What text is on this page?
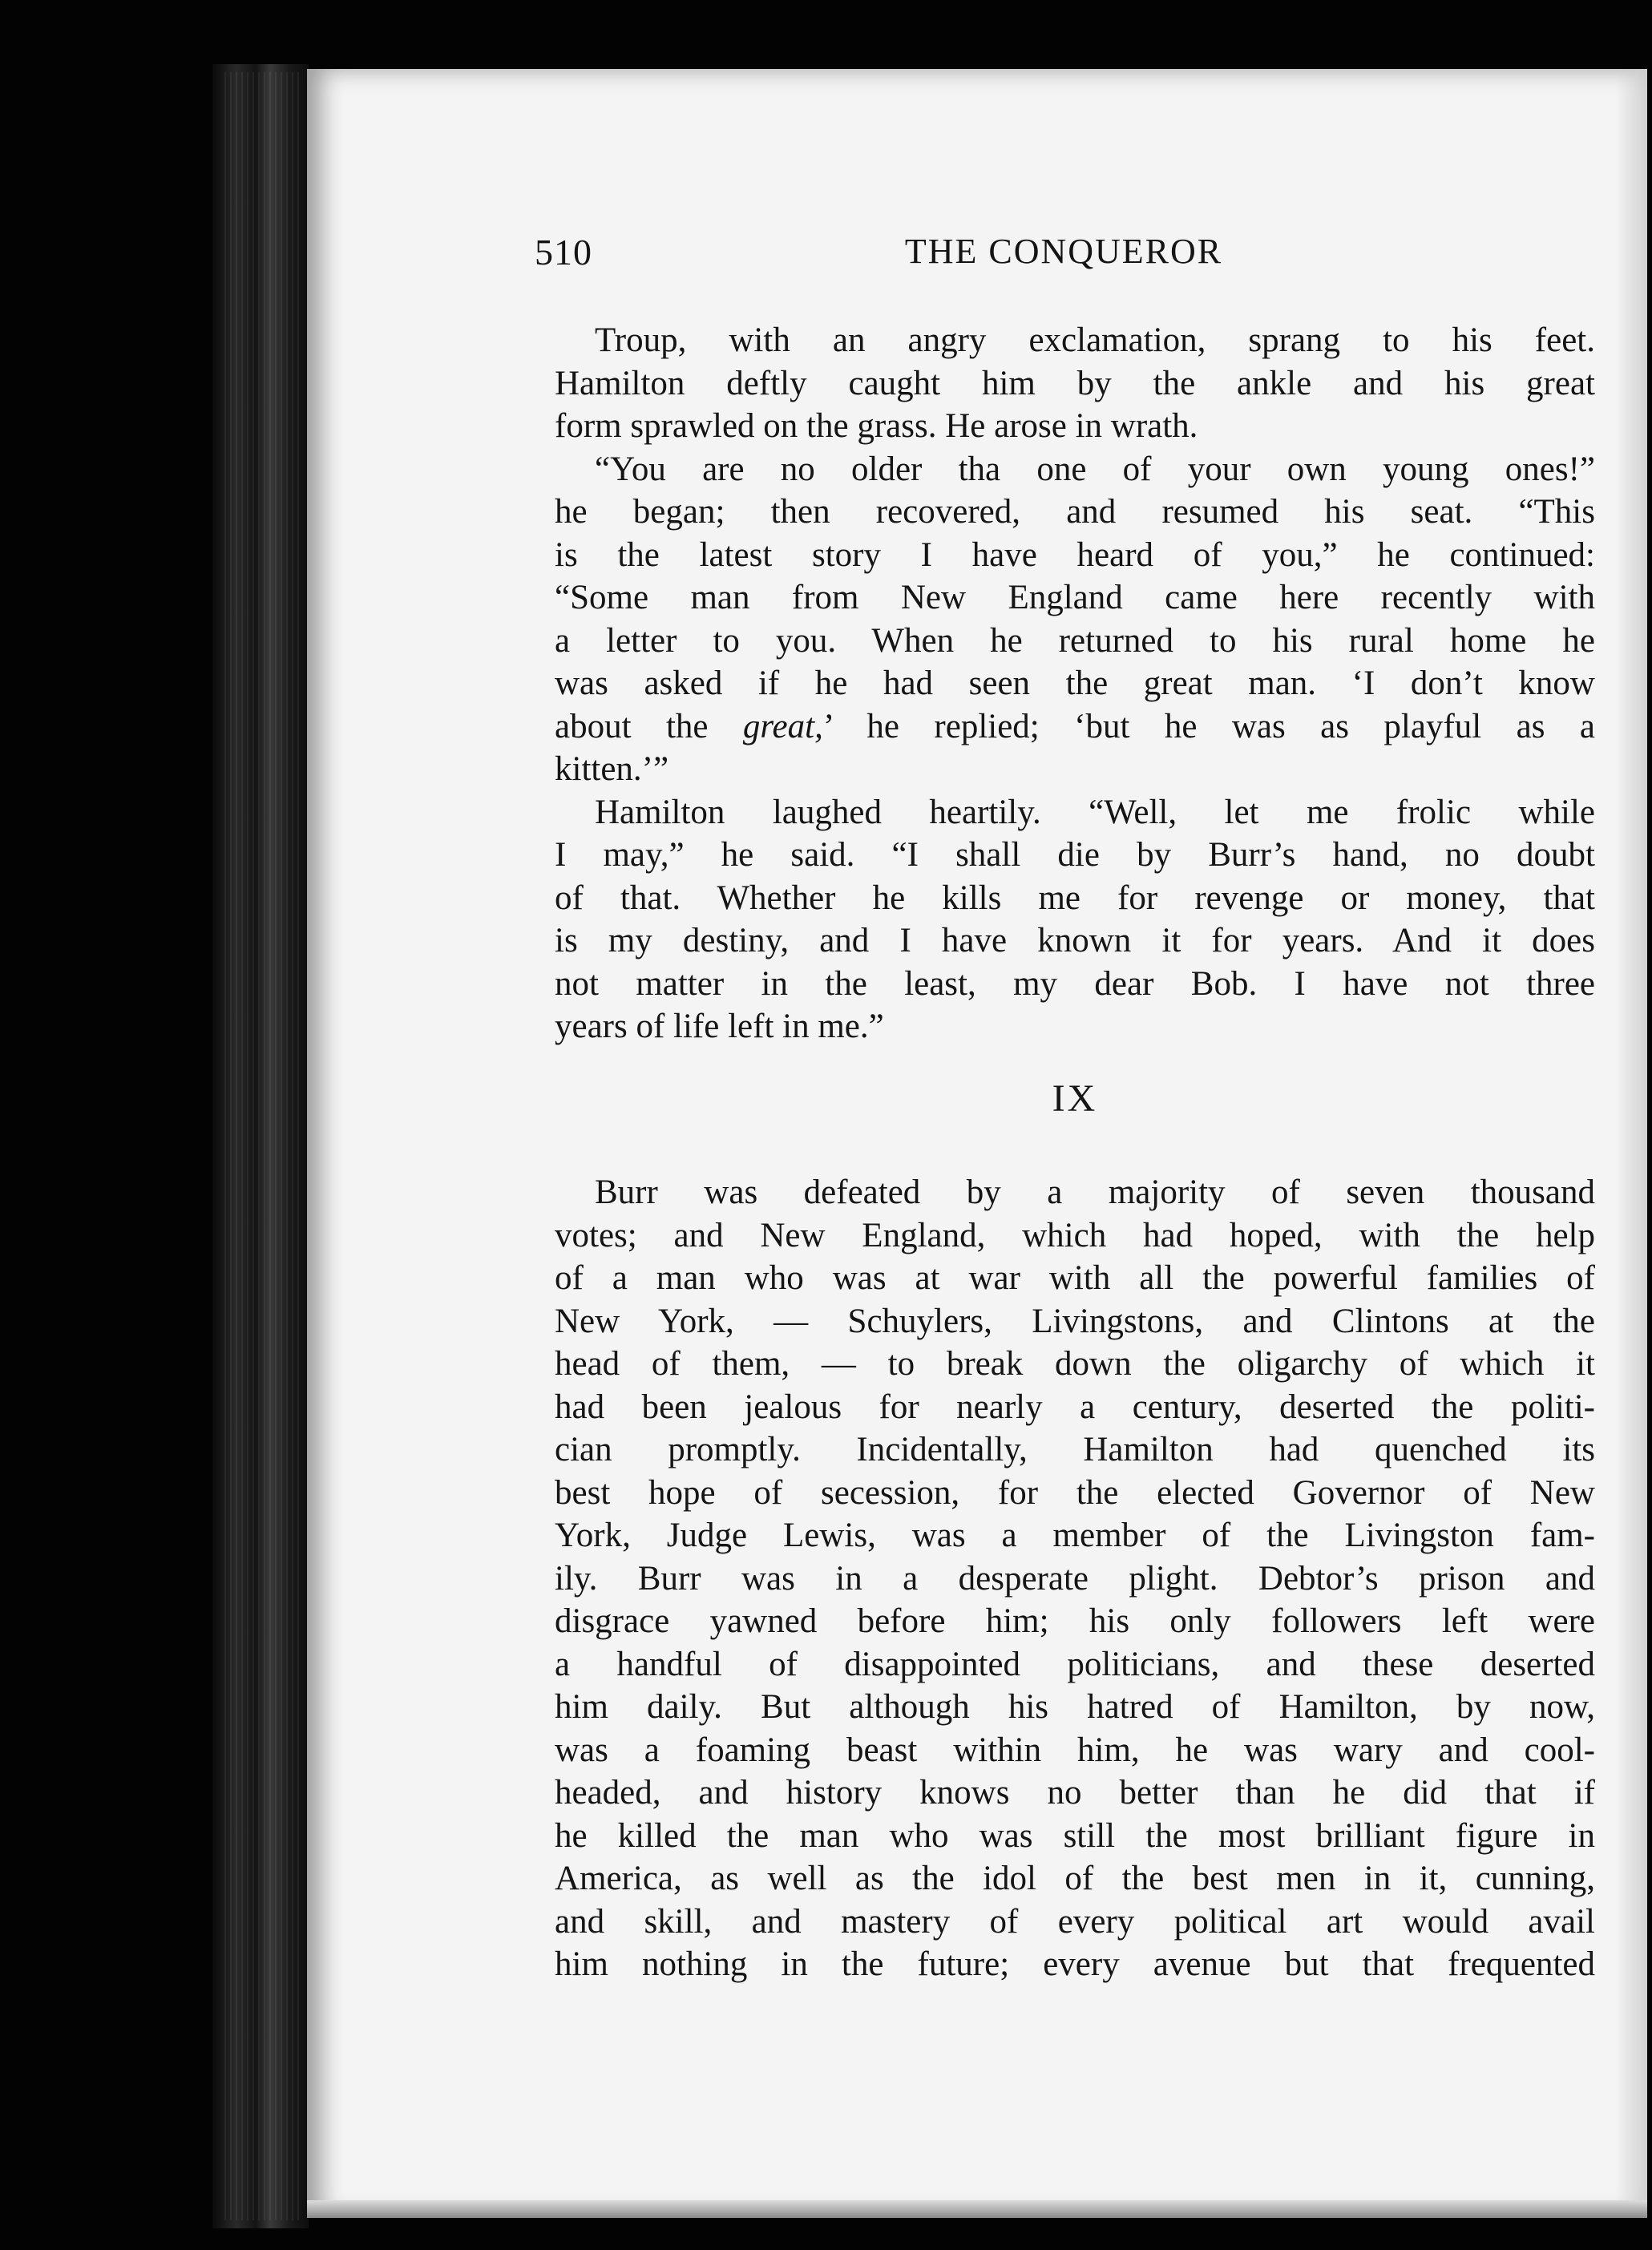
510	THE CONQUEROR
Troup, with an angry exclamation, sprang to his feet.
Hamilton deftly caught him by the ankle and his great
form sprawled on the grass. He arose in wrath.
“You are no older tha one of your own young ones!”
he began; then recovered, and resumed his seat. “This
is the latest story I have heard of you,” he continued:
“Some man from New England came here recently with
a letter to you. When he returned to his rural home he
was asked if he had seen the great man. ‘I don’t know
about the great,’ he replied; ‘but he was as playful as a
kitten.’”
Hamilton laughed heartily. “Well, let me frolic while
I may,” he said. “I shall die by Burr’s hand, no doubt
of that. Whether he kills me for revenge or money, that
is my destiny, and I have known it for years. And it does
not matter in the least, my dear Bob. I have not three
years of life left in me.”
IX
Burr was defeated by a majority of seven thousand
votes; and New England, which had hoped, with the help
of a man who was at war with all the powerful families of
New York, — Schuylers, Livingstons, and Clintons at the
head of them, — to break down the oligarchy of which it
had been jealous for nearly a century, deserted the politi-
cian promptly. Incidentally, Hamilton had quenched its
best hope of secession, for the elected Governor of New
York, Judge Lewis, was a member of the Livingston fam-
ily. Burr was in a desperate plight. Debtor’s prison and
disgrace yawned before him; his only followers left were
a handful of disappointed politicians, and these deserted
him daily. But although his hatred of Hamilton, by now,
was a foaming beast within him, he was wary and cool-
headed, and history knows no better than he did that if
he killed the man who was still the most brilliant figure in
America, as well as the idol of the best men in it, cunning,
and skill, and mastery of every political art would avail
him nothing in the future; every avenue but that frequented
